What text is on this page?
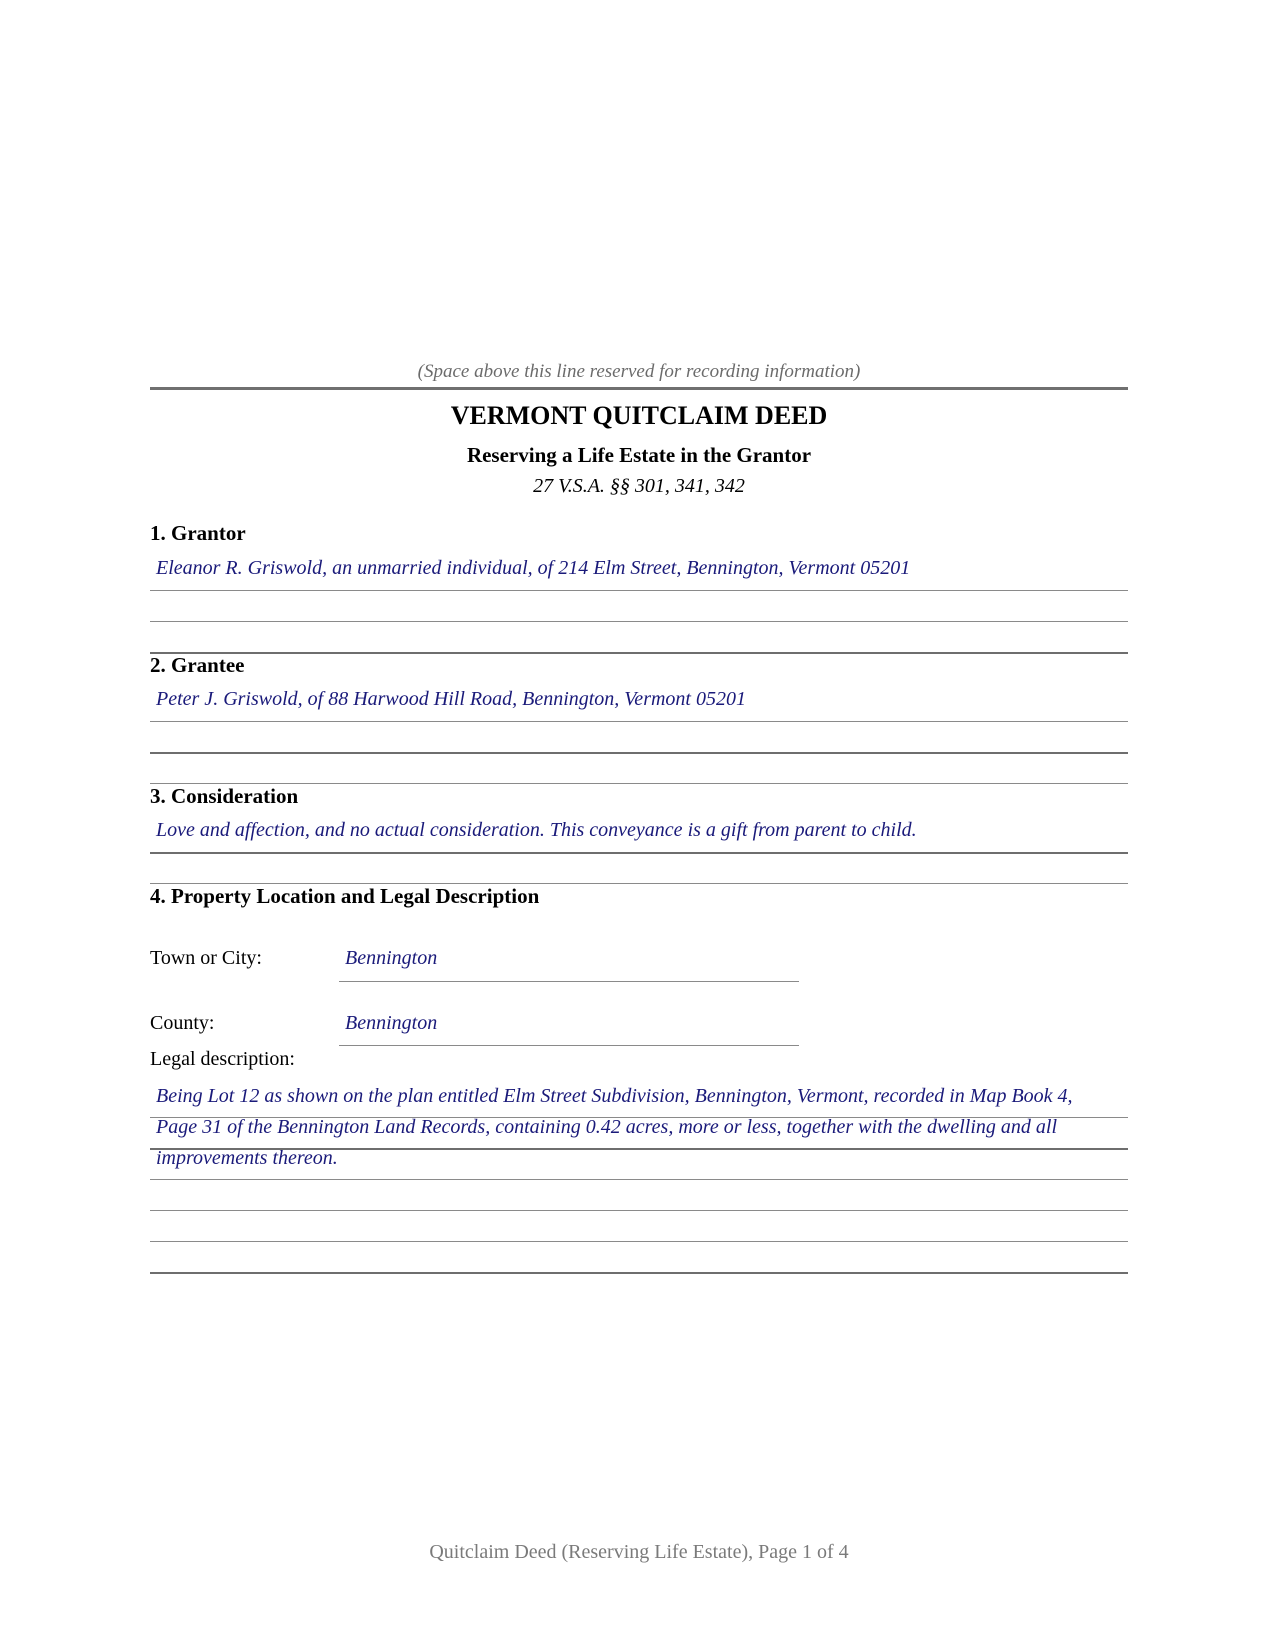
(Space above this line reserved for recording information)
VERMONT QUITCLAIM DEED
Reserving a Life Estate in the Grantor
27 V.S.A. §§ 301, 341, 342
1. Grantor
Eleanor R. Griswold, an unmarried individual, of 214 Elm Street, Bennington, Vermont 05201
2. Grantee
Peter J. Griswold, of 88 Harwood Hill Road, Bennington, Vermont 05201
3. Consideration
Love and affection, and no actual consideration. This conveyance is a gift from parent to child.
4. Property Location and Legal Description
Town or City:	Bennington
County:	Bennington
Legal description:
Being Lot 12 as shown on the plan entitled Elm Street Subdivision, Bennington, Vermont, recorded in Map Book 4,
Page 31 of the Bennington Land Records, containing 0.42 acres, more or less, together with the dwelling and all
improvements thereon.
Quitclaim Deed (Reserving Life Estate), Page 1 of 4
